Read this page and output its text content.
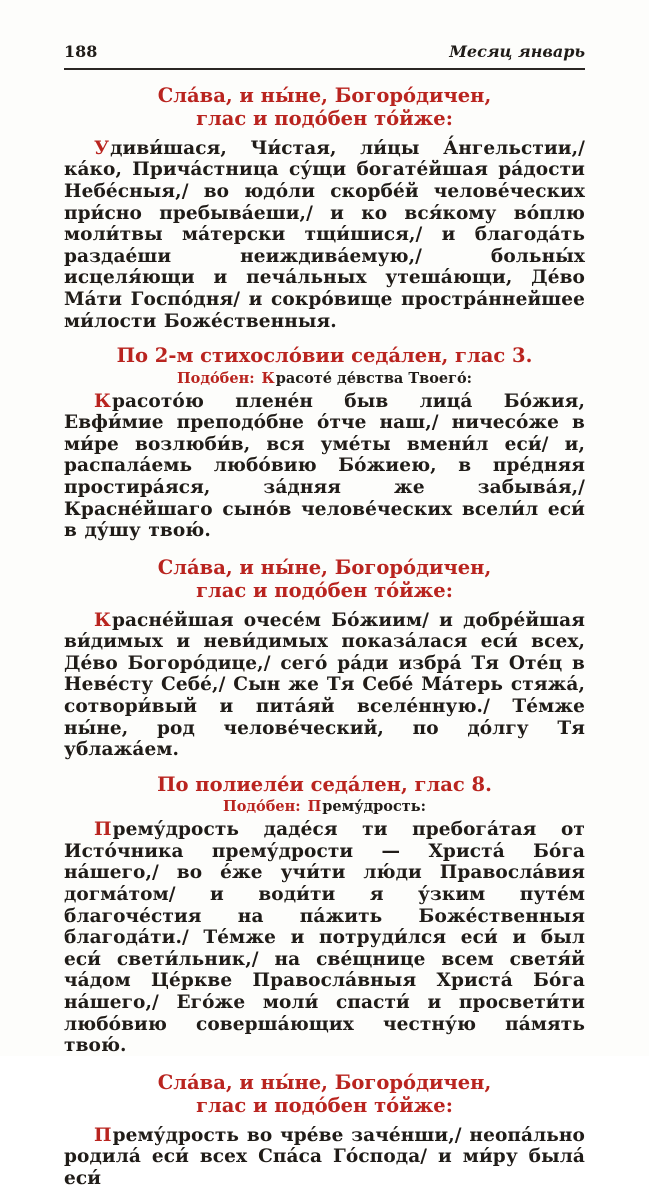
188	Месяц январь
Сла́ва, и ны́не, Богоро́дичен,
глас и подо́бен то́йже:

Удиви́шася, Чи́стая, ли́цы А́нгельстии,/ ка́ко, Прича́стница су́щи богате́йшая ра́дости Небе́сныя,/ во юдо́ли скорбе́й челове́ческих при́сно пребыва́еши,/ и ко вся́кому во́плю моли́твы ма́терски тщи́шися,/ и благода́ть раздае́ши неиждива́емую,/ больны́х исцеля́ющи и печа́льных утеша́ющи, Де́во Ма́ти Госпо́дня/ и сокро́вище простра́ннейшее ми́лости Боже́ственныя.

По 2-м стихосло́вии седа́лен, глас 3.

Подо́бен: Красоте́ де́вства Твоего́:

Красото́ю плене́н быв лица́ Бо́жия, Евфи́мие преподо́бне о́тче наш,/ ничесо́же в ми́ре возлюби́в, вся уме́ты вмени́л еси́/ и, распала́емь любо́вию Бо́жиею, в пре́дняя простира́яся, за́дняя же забыва́я,/ Красне́йшаго сыно́в челове́ческих всели́л еси́ в ду́шу твою́.

Сла́ва, и ны́не, Богоро́дичен,
глас и подо́бен то́йже:

Красне́йшая очесе́м Бо́жиим/ и добре́йшая ви́димых и неви́димых показа́лася еси́ всех, Де́во Богоро́дице,/ сего́ ра́ди избра́ Тя Оте́ц в Неве́сту Себе́,/ Сын же Тя Себе́ Ма́терь стяжа́, сотвори́вый и пита́яй вселе́нную./ Те́мже ны́не, род челове́ческий, по до́лгу Тя ублажа́ем.

По полиеле́и седа́лен, глас 8.

Подо́бен: Прему́дрость:

Прему́дрость даде́ся ти пребога́тая от Исто́чника прему́дрости — Христа́ Бо́га на́шего,/ во е́же учи́ти лю́ди Правосла́вия догма́том/ и води́ти я у́зким путе́м благоче́стия на па́жить Боже́ственныя благода́ти./ Те́мже и потруди́лся еси́ и был еси́ свети́льник,/ на све́щнице всем светя́й ча́дом Це́ркве Правосла́вныя Христа́ Бо́га на́шего,/ Его́же моли́ спасти́ и просвети́ти любо́вию соверша́ющих честну́ю па́мять твою́.

Сла́ва, и ны́не, Богоро́дичен,
глас и подо́бен то́йже:

Прему́дрость во чре́ве заче́нши,/ неопа́льно родила́ еси́ всех Спа́са Го́спода/ и ми́ру была́ еси́
